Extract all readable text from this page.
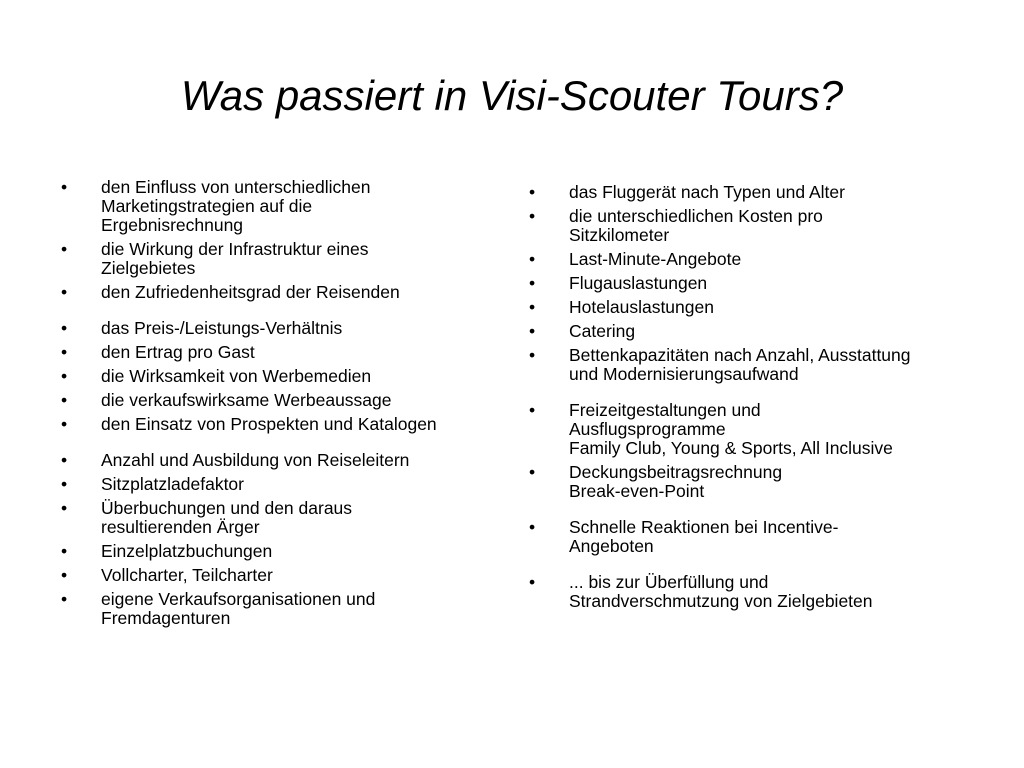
Was passiert in Visi-Scouter Tours?
• den Einfluss von unterschiedlichen
Marketingstrategien auf die
Ergebnisrechnung
• die Wirkung der Infrastruktur eines
Zielgebietes
• den Zufriedenheitsgrad der Reisenden
• das Preis-/Leistungs-Verhältnis
• den Ertrag pro Gast
• die Wirksamkeit von Werbemedien
• die verkaufswirksame Werbeaussage
• den Einsatz von Prospekten und Katalogen
• Anzahl und Ausbildung von Reiseleitern
• Sitzplatzladefaktor
• Überbuchungen und den daraus
resultierenden Ärger
• Einzelplatzbuchungen
• Vollcharter, Teilcharter
• eigene Verkaufsorganisationen und
Fremdagenturen
• das Fluggerät nach Typen und Alter
• die unterschiedlichen Kosten pro
Sitzkilometer
• Last-Minute-Angebote
• Flugauslastungen
• Hotelauslastungen
• Catering
• Bettenkapazitäten nach Anzahl, Ausstattung
und Modernisierungsaufwand
• Freizeitgestaltungen und
Ausflugsprogramme
Family Club, Young & Sports, All Inclusive
• Deckungsbeitragsrechnung
Break-even-Point
• Schnelle Reaktionen bei Incentive-
Angeboten
• ... bis zur Überfüllung und
Strandverschmutzung von Zielgebieten
